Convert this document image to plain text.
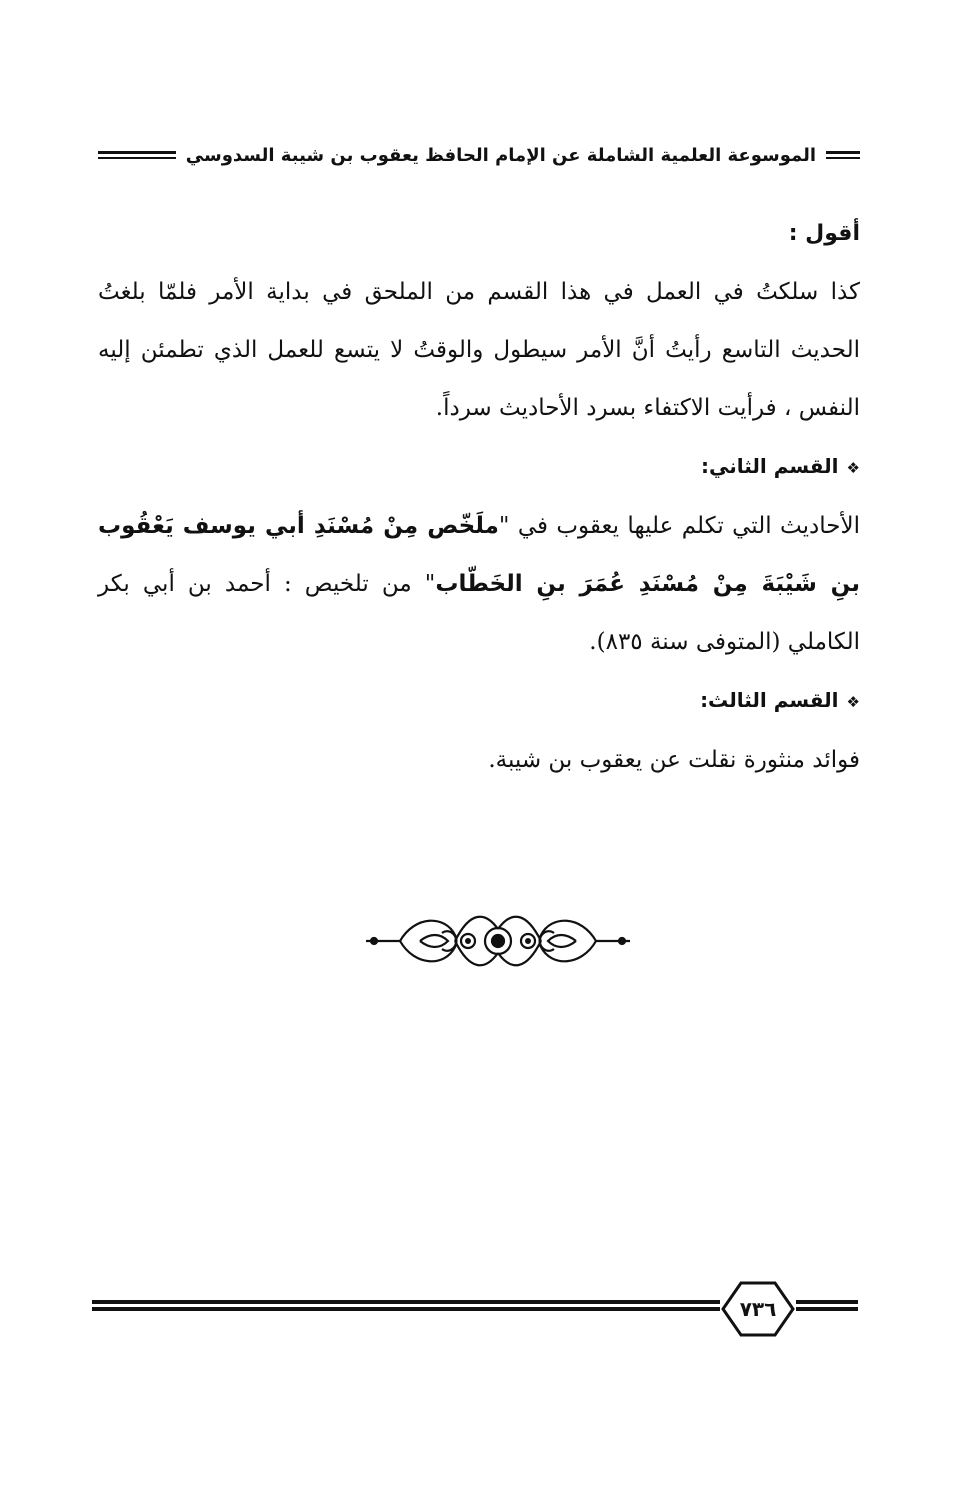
الموسوعة العلمية الشاملة عن الإمام الحافظ يعقوب بن شيبة السدوسي

أقول :

كذا سلكتُ في العمل في هذا القسم من الملحق في بداية الأمر فلمّا بلغتُ الحديث التاسع رأيتُ أنَّ الأمر سيطول والوقتُ لا يتسع للعمل الذي تطمئن إليه النفس ، فرأيت الاكتفاء بسرد الأحاديث سرداً.

❖القسم الثاني:

الأحاديث التي تكلم عليها يعقوب في "ملَخّص مِنْ مُسْنَدِ أبي يوسف يَعْقُوب بنِ شَيْبَةَ مِنْ مُسْنَدِ عُمَرَ بنِ الخَطّاب" من تلخيص : أحمد بن أبي بكر الكاملي (المتوفى سنة ٨٣٥).

❖القسم الثالث:

فوائد منثورة نقلت عن يعقوب بن شيبة.

٧٣٦
